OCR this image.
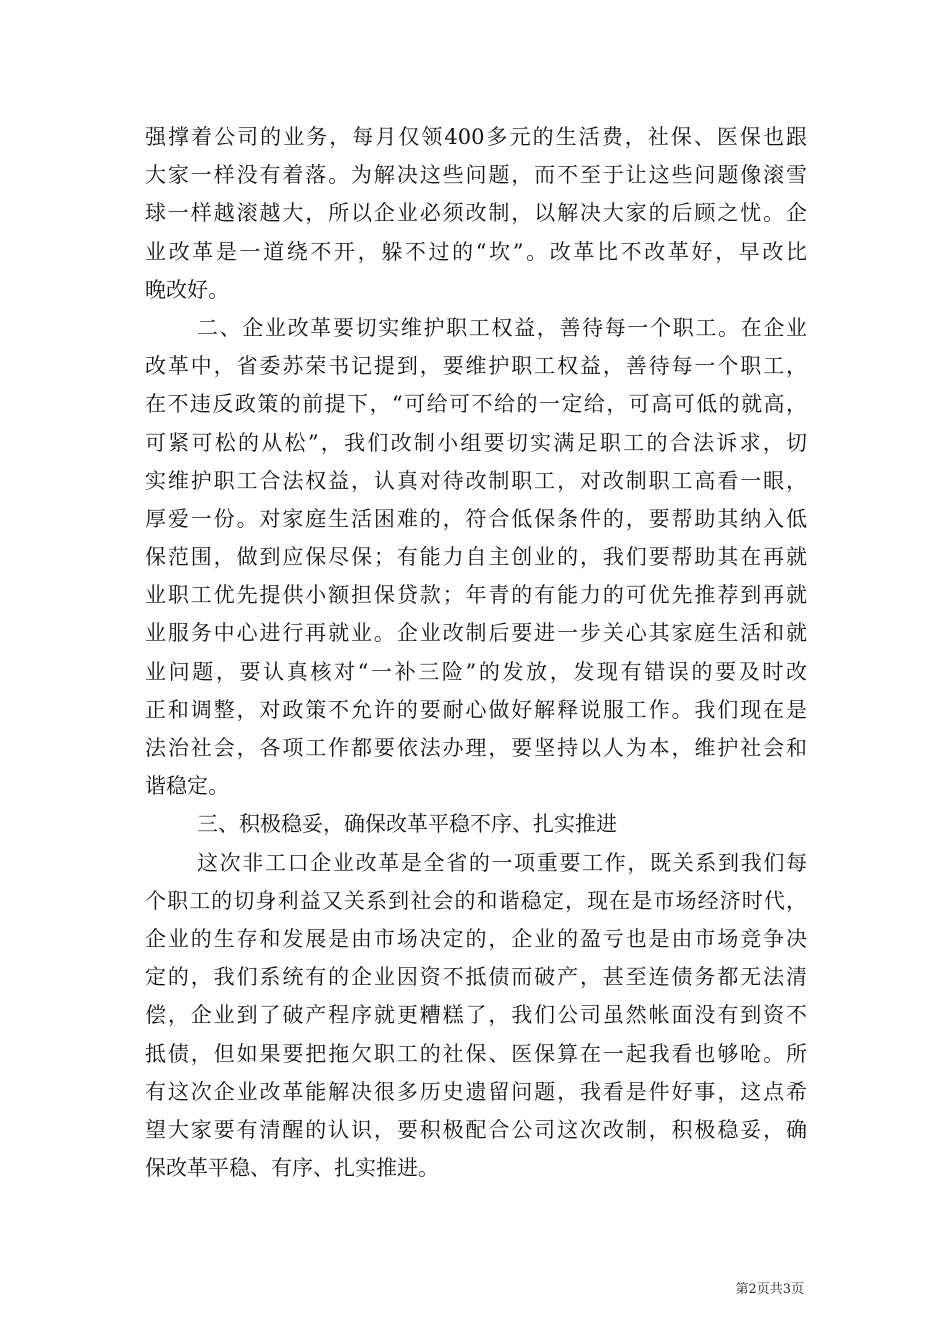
强撑着公司的业务，每月仅领400多元的生活费，社保、医保也跟
大家一样没有着落。为解决这些问题，而不至于让这些问题像滚雪
球一样越滚越大，所以企业必须改制，以解决大家的后顾之忧。企
业改革是一道绕不开，躲不过的“坎”。改革比不改革好，早改比
晚改好。
二、企业改革要切实维护职工权益，善待每一个职工。在企业
改革中，省委苏荣书记提到，要维护职工权益，善待每一个职工，
在不违反政策的前提下，“可给可不给的一定给，可高可低的就高，
可紧可松的从松”，我们改制小组要切实满足职工的合法诉求，切
实维护职工合法权益，认真对待改制职工，对改制职工高看一眼，
厚爱一份。对家庭生活困难的，符合低保条件的，要帮助其纳入低
保范围，做到应保尽保；有能力自主创业的，我们要帮助其在再就
业职工优先提供小额担保贷款；年青的有能力的可优先推荐到再就
业服务中心进行再就业。企业改制后要进一步关心其家庭生活和就
业问题，要认真核对“一补三险”的发放，发现有错误的要及时改
正和调整，对政策不允许的要耐心做好解释说服工作。我们现在是
法治社会，各项工作都要依法办理，要坚持以人为本，维护社会和
谐稳定。
三、积极稳妥，确保改革平稳不序、扎实推进
这次非工口企业改革是全省的一项重要工作，既关系到我们每
个职工的切身利益又关系到社会的和谐稳定，现在是市场经济时代，
企业的生存和发展是由市场决定的，企业的盈亏也是由市场竞争决
定的，我们系统有的企业因资不抵债而破产，甚至连债务都无法清
偿，企业到了破产程序就更糟糕了，我们公司虽然帐面没有到资不
抵债，但如果要把拖欠职工的社保、医保算在一起我看也够呛。所
有这次企业改革能解决很多历史遗留问题，我看是件好事，这点希
望大家要有清醒的认识，要积极配合公司这次改制，积极稳妥，确
保改革平稳、有序、扎实推进。
第2页共3页
